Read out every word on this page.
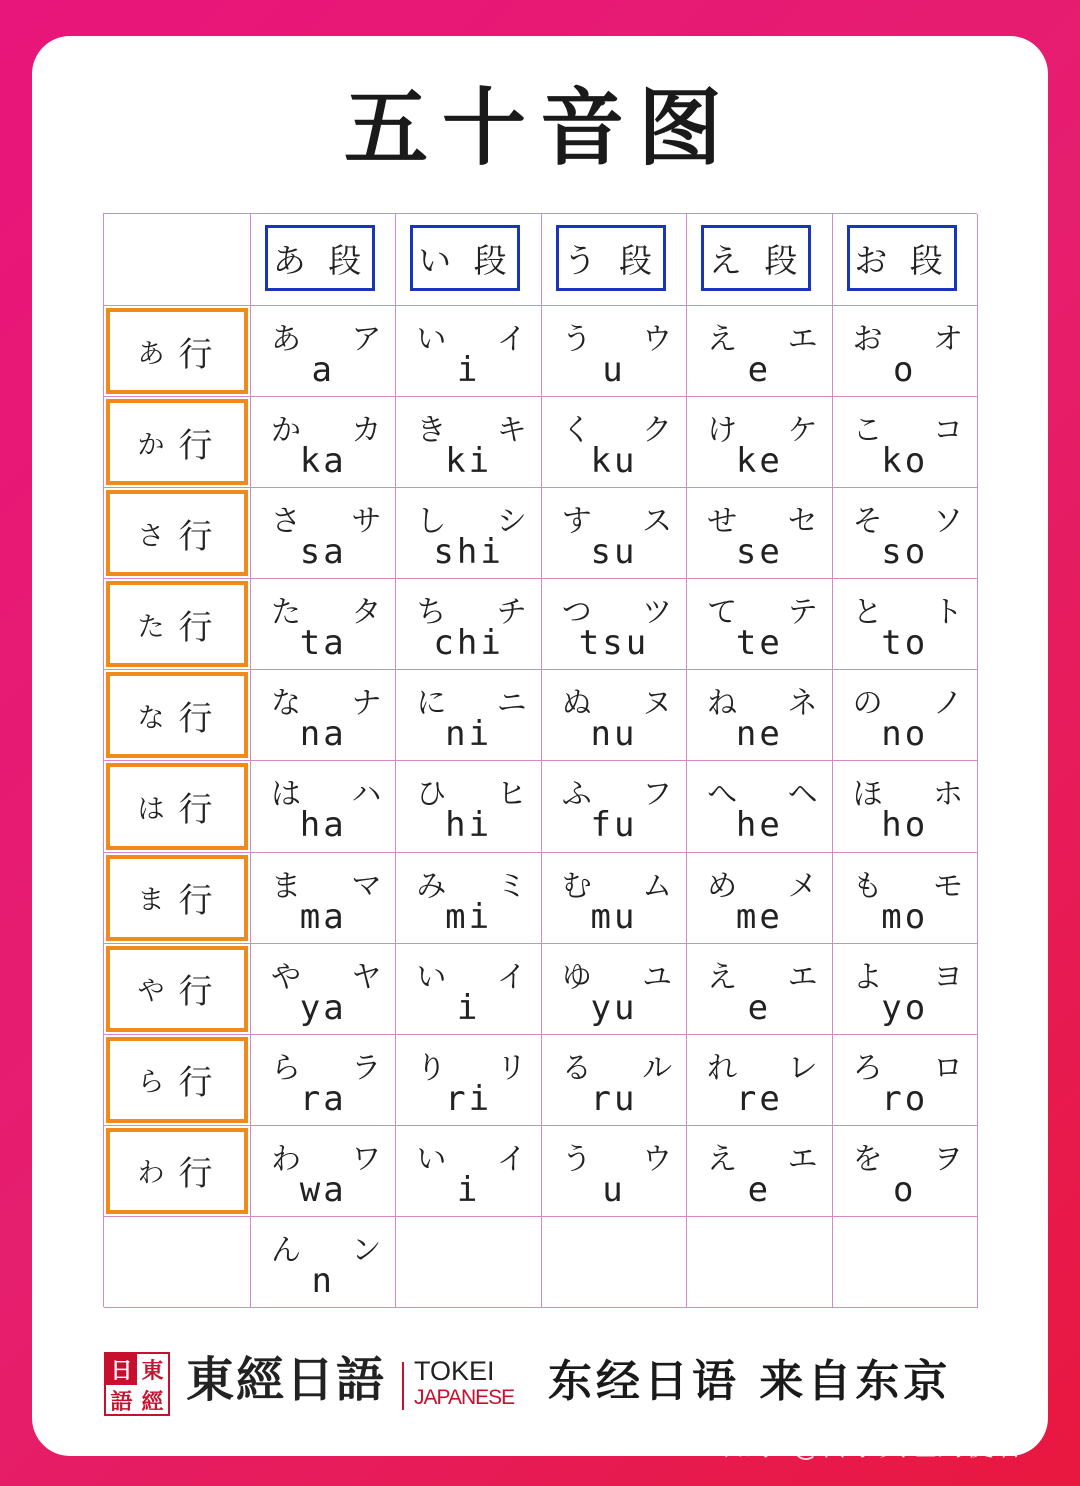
五十音图
あ 段 い 段 う 段 え 段 お 段
あ 行 あ ア
a
い イ
i
う ウ
u
え エ
e
お オ
o
か 行 か カ
ka
き キ
ki
く ク
ku
け ケ
ke
こ コ
ko
さ 行 さ サ
sa
し シ
shi
す ス
su
せ セ
se
そ ソ
so
た 行 た タ
ta
ち チ
chi
つ ツ
tsu
て テ
te
と ト
to
な 行 な ナ
na
に ニ
ni
ぬ ヌ
nu
ね ネ
ne
の ノ
no
は 行 は ハ
ha
ひ ヒ
hi
ふ フ
fu
へ ヘ
he
ほ ホ
ho
ま 行 ま マ
ma
み ミ
mi
む ム
mu
め メ
me
も モ
mo
や 行 や ヤ
ya
い イ
i
ゆ ユ
yu
え エ
e
よ ヨ
yo
ら 行 ら ラ
ra
り リ
ri
る ル
ru
れ レ
re
ろ ロ
ro
わ 行 わ ワ
wa
い イ
i
う ウ
u
え エ
e
を ヲ
o
ん ン
n
日 東
語 經 東經日語 TOKEI
JAPANESE 东经日语 来自东京
知乎 @传承真理的使者
